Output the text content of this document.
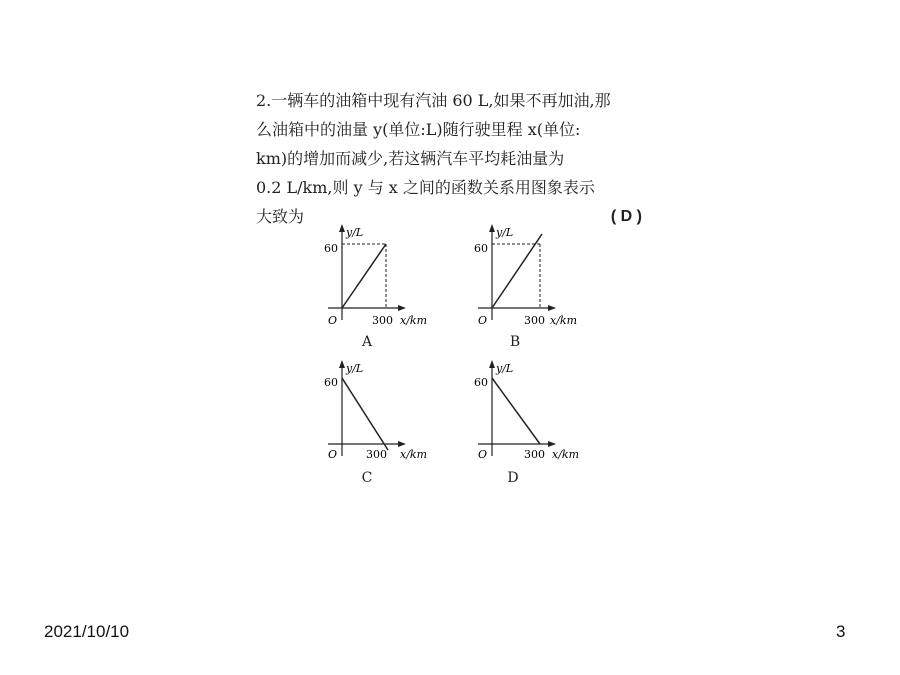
2.一辆车的油箱中现有汽油 60 L,如果不再加油,那
么油箱中的油量 y(单位:L)随行驶里程 x(单位:
km)的增加而减少,若这辆汽车平均耗油量为
0.2 L/km,则 y 与 x 之间的函数关系用图象表示
大致为	( D )
y/L
60
O	300 x/km
A
y/L
60
O	300 x/km
B
y/L
60
O	300 x/km
C
y/L
60
O	300 x/km
D
2021/10/10	3
